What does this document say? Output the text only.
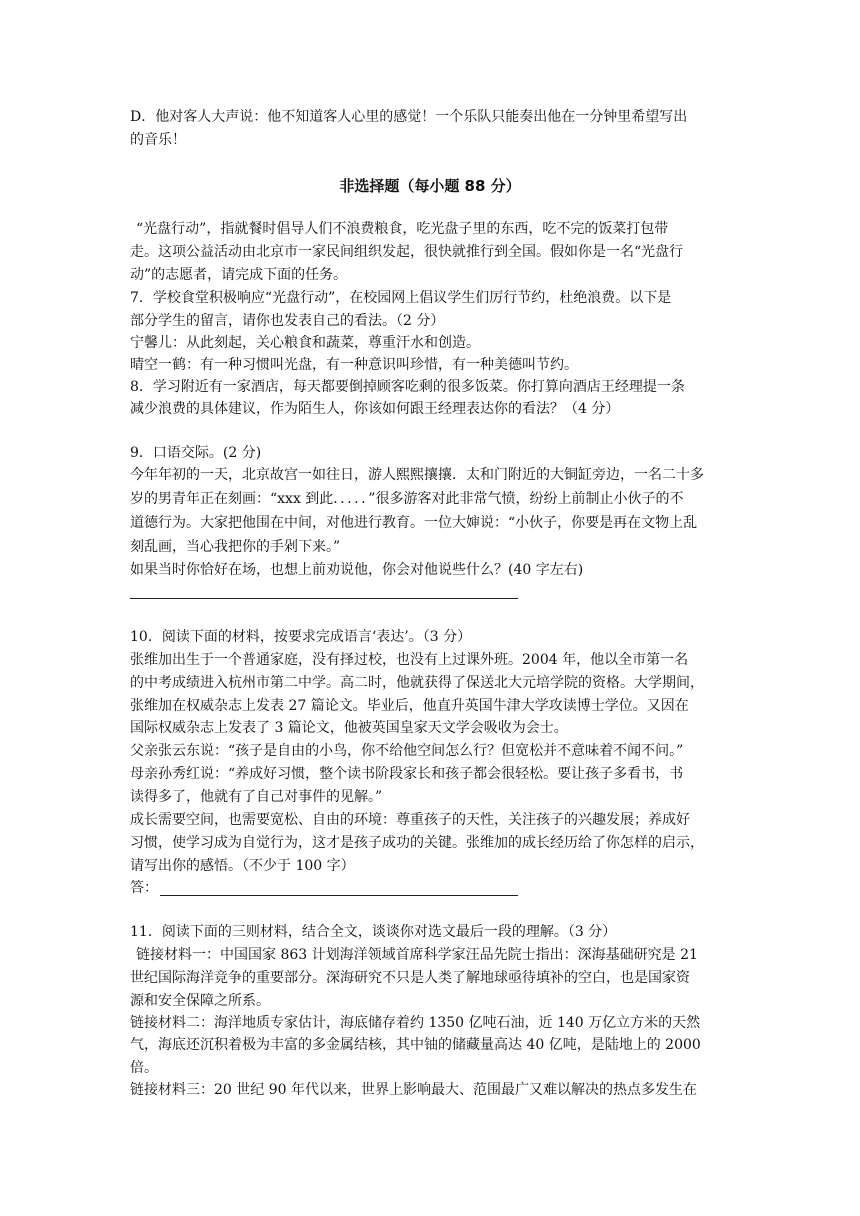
D．他对客人大声说：他不知道客人心里的感觉！一个乐队只能奏出他在一分钟里希望写出
的音乐！
非选择题（每小题 88 分）
“光盘行动”，指就餐时倡导人们不浪费粮食，吃光盘子里的东西，吃不完的饭菜打包带
走。这项公益活动由北京市一家民间组织发起，很快就推行到全国。假如你是一名“光盘行
动”的志愿者，请完成下面的任务。
7．学校食堂积极响应“光盘行动”，在校园网上倡议学生们厉行节约，杜绝浪费。以下是
部分学生的留言，请你也发表自己的看法。（2 分）
宁馨儿：从此刻起，关心粮食和蔬菜，尊重汗水和创造。
晴空一鹤：有一种习惯叫光盘，有一种意识叫珍惜，有一种美德叫节约。
8．学习附近有一家酒店，每天都要倒掉顾客吃剩的很多饭菜。你打算向酒店王经理提一条
减少浪费的具体建议，作为陌生人，你该如何跟王经理表达你的看法？（4 分）
9．口语交际。(2 分)
今年年初的一天，北京故宫一如往日，游人熙熙攘攘．太和门附近的大铜缸旁边，一名二十多
岁的男青年正在刻画：“xxx 到此．．．．．”很多游客对此非常气愤，纷纷上前制止小伙子的不
道德行为。大家把他围在中间，对他进行教育。一位大婶说：“小伙子，你要是再在文物上乱
刻乱画，当心我把你的手剁下来。”
如果当时你恰好在场，也想上前劝说他，你会对他说些什么？(40 字左右)
10．阅读下面的材料，按要求完成语言‘表达’。（3 分）
张维加出生于一个普通家庭，没有择过校，也没有上过课外班。2004 年，他以全市第一名
的中考成绩进入杭州市第二中学。高二时，他就获得了保送北大元培学院的资格。大学期间，
张维加在权威杂志上发表 27 篇论文。毕业后，他直升英国牛津大学攻读博士学位。又因在
国际权威杂志上发表了 3 篇论文，他被英国皇家天文学会吸收为会士。
父亲张云东说：“孩子是自由的小鸟，你不给他空间怎么行？但宽松并不意味着不闻不问。”
母亲孙秀红说：“养成好习惯，整个读书阶段家长和孩子都会很轻松。要让孩子多看书，书
读得多了，他就有了自己对事件的见解。”
成长需要空间，也需要宽松、自由的环境：尊重孩子的天性，关注孩子的兴趣发展；养成好
习惯，使学习成为自觉行为，这才是孩子成功的关键。张维加的成长经历给了你怎样的启示，
请写出你的感悟。（不少于 100 字）
答：
11．阅读下面的三则材料，结合全文，谈谈你对选文最后一段的理解。（3 分）
链接材料一：中国国家 863 计划海洋领域首席科学家汪品先院士指出：深海基础研究是 21
世纪国际海洋竞争的重要部分。深海研究不只是人类了解地球亟待填补的空白，也是国家资
源和安全保障之所系。
链接材料二：海洋地质专家估计，海底储存着约 1350 亿吨石油，近 140 万亿立方米的天然
气，海底还沉积着极为丰富的多金属结核，其中铀的储藏量高达 40 亿吨，是陆地上的 2000
倍。
链接材料三：20 世纪 90 年代以来，世界上影响最大、范围最广又难以解决的热点多发生在
